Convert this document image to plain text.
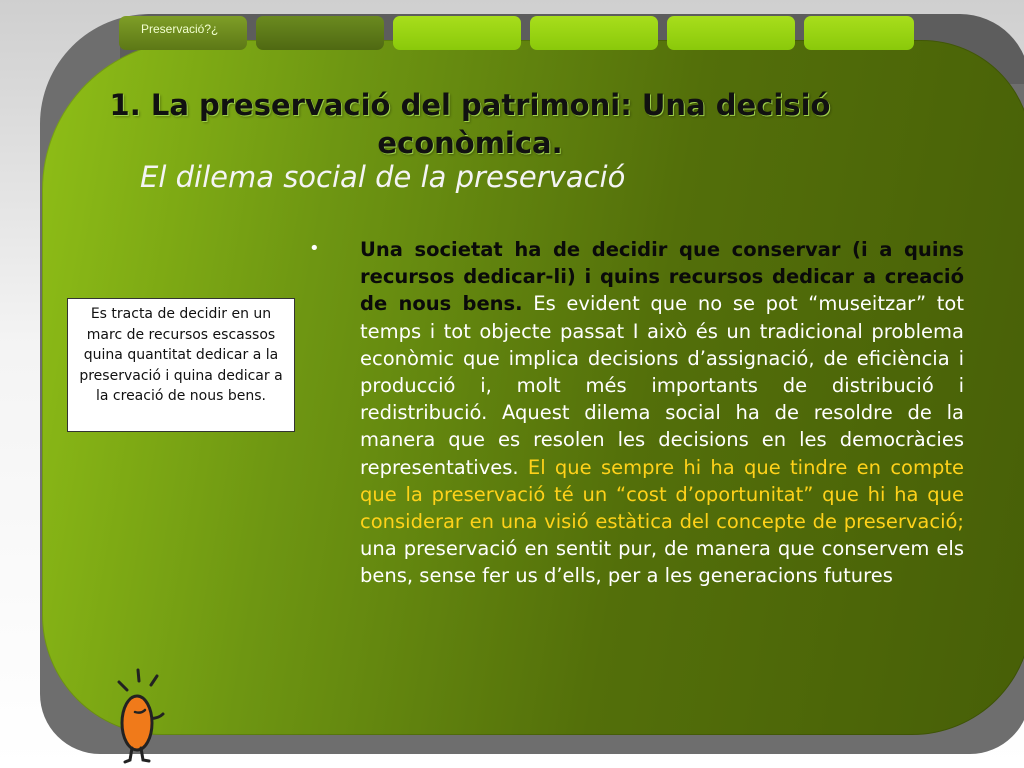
Preservació?¿
1. La preservació del patrimoni: Una decisió econòmica.
El dilema social de la preservació
Es tracta de decidir en un marc de recursos escassos quina quantitat dedicar a la preservació i quina dedicar a la creació de nous bens.
• Una societat ha de decidir que conservar (i a quins recursos dedicar-li) i quins recursos dedicar a creació de nous bens. Es evident que no se pot “museitzar” tot temps i tot objecte passat I això és un tradicional problema econòmic que implica decisions d’assignació, de eficiència i producció i, molt més importants de distribució i redistribució. Aquest dilema social ha de resoldre de la manera que es resolen les decisions en les democràcies representatives. El que sempre hi ha que tindre en compte que la preservació té un “cost d’oportunitat” que hi ha que considerar en una visió estàtica del concepte de preservació; una preservació en sentit pur, de manera que conservem els bens, sense fer us d’ells, per a les generacions futures
